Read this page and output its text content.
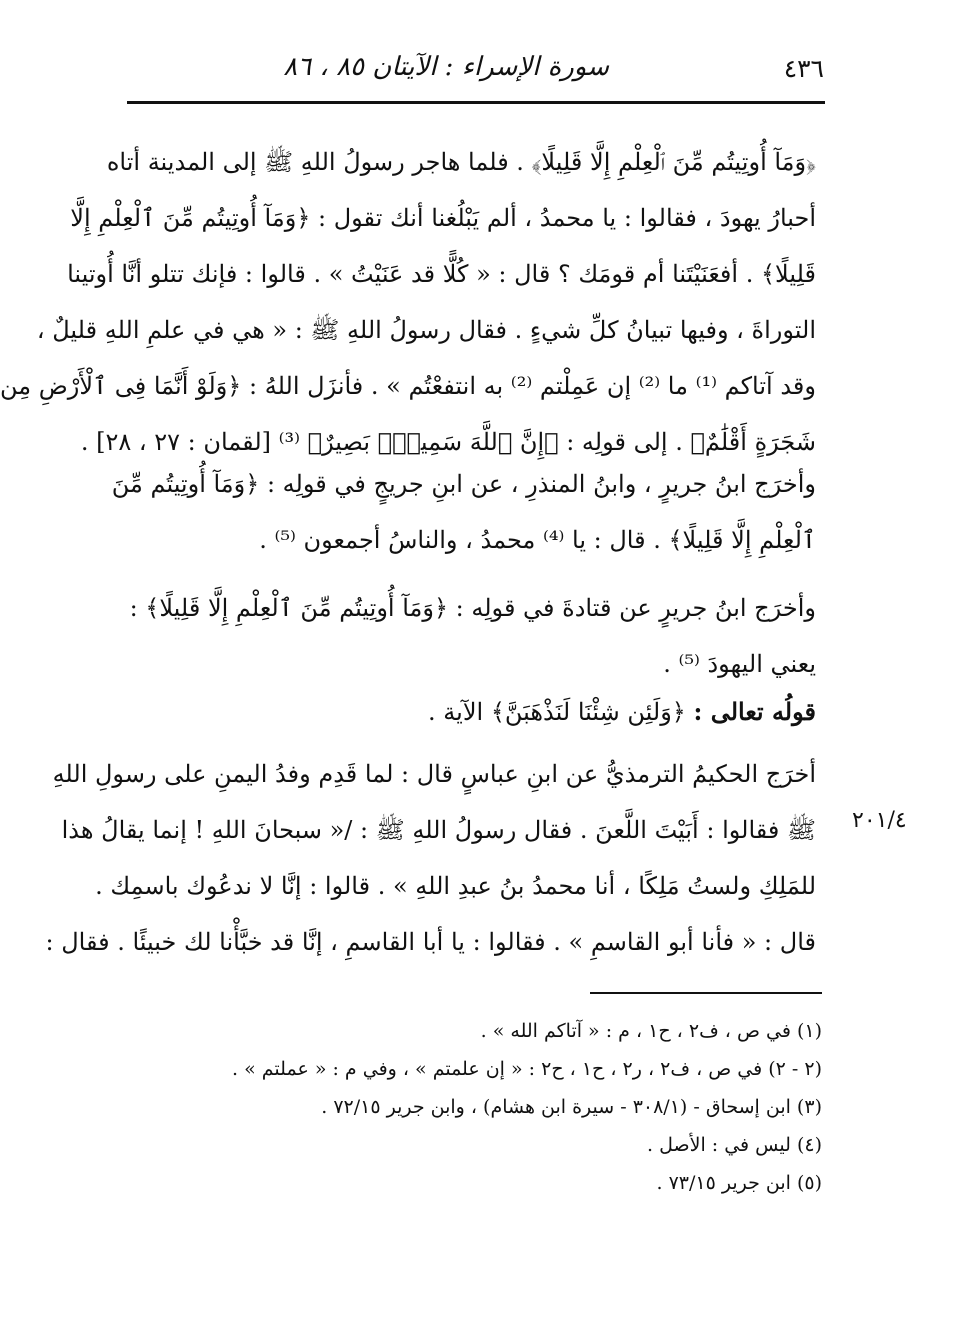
٤٣٦
سورة الإسراء : الآيتان ٨٥ ، ٨٦
﴿وَمَآ أُوتِيتُم مِّنَ ٱلْعِلْمِ إِلَّا قَلِيلًا﴾ . فلما هاجر رسولُ اللهِ ﷺ إلى المدينة أتاه
أحبارُ يهودَ ، فقالوا : يا محمدُ ، ألم يَبْلُغنا أنك تقول : ﴿وَمَآ أُوتِيتُم مِّنَ ٱلْعِلْمِ إِلَّا
قَلِيلًا﴾ . أفعَنَيْتَنا أم قومَك ؟ قال : « كُلًّا قد عَنَيْتُ » . قالوا : فإنك تتلو أنَّا أُوتينا
التوراةَ ، وفيها تبيانُ كلِّ شيءٍ . فقال رسولُ اللهِ ﷺ : « هي في علمِ اللهِ قليلٌ ،
وقد آتاكم ⁽¹⁾ ما ⁽²⁾ إن عَمِلْتم ⁽²⁾ به انتفعْتُم » . فأنزَل اللهُ : ﴿وَلَوْ أَنَّمَا فِى ٱلْأَرْضِ مِن
شَجَرَةٍ أَقْلَٰمٌ﴾ . إلى قولِه : ﴿إِنَّ ٱللَّهَ سَمِيعٌۢ بَصِيرٌ﴾ ⁽³⁾ [لقمان : ٢٧ ، ٢٨] .
وأخرَج ابنُ جريرٍ ، وابنُ المنذرِ ، عن ابنِ جريجٍ في قولِه : ﴿وَمَآ أُوتِيتُم مِّنَ
ٱلْعِلْمِ إِلَّا قَلِيلًا﴾ . قال : يا ⁽⁴⁾ محمدُ ، والناسُ أجمعون ⁽⁵⁾ .
وأخرَج ابنُ جريرٍ عن قتادةَ في قولِه : ﴿وَمَآ أُوتِيتُم مِّنَ ٱلْعِلْمِ إِلَّا قَلِيلًا﴾ :
يعني اليهودَ ⁽⁵⁾ .
قولُه تعالى : ﴿وَلَئِن شِئْنَا لَنَذْهَبَنَّ﴾ الآية .
أخرَج الحكيمُ الترمذيُّ عن ابنِ عباسٍ قال : لما قَدِم وفدُ اليمنِ على رسولِ اللهِ
ﷺ فقالوا : أَبَيْتَ اللَّعنَ . فقال رسولُ اللهِ ﷺ : /« سبحانَ اللهِ ! إنما يقالُ هذا
للمَلِكِ ولستُ مَلِكًا ، أنا محمدُ بنُ عبدِ اللهِ » . قالوا : إنَّا لا ندعُوك باسمِك .
قال : « فأنا أبو القاسمِ » . فقالوا : يا أبا القاسمِ ، إنَّا قد خبَّأْنا لك خبيئًا . فقال :
٢٠١/٤
(١) في ص ، ف٢ ، ح١ ، م : « آتاكم الله » .
(٢ - ٢) في ص ، ف٢ ، ر٢ ، ح١ ، ح٢ : « إن علمتم » ، وفي م : « عملتم » .
(٣) ابن إسحاق - (٣٠٨/١ - سيرة ابن هشام) ، وابن جرير ٧٢/١٥ .
(٤) ليس في : الأصل .
(٥) ابن جرير ٧٣/١٥ .
